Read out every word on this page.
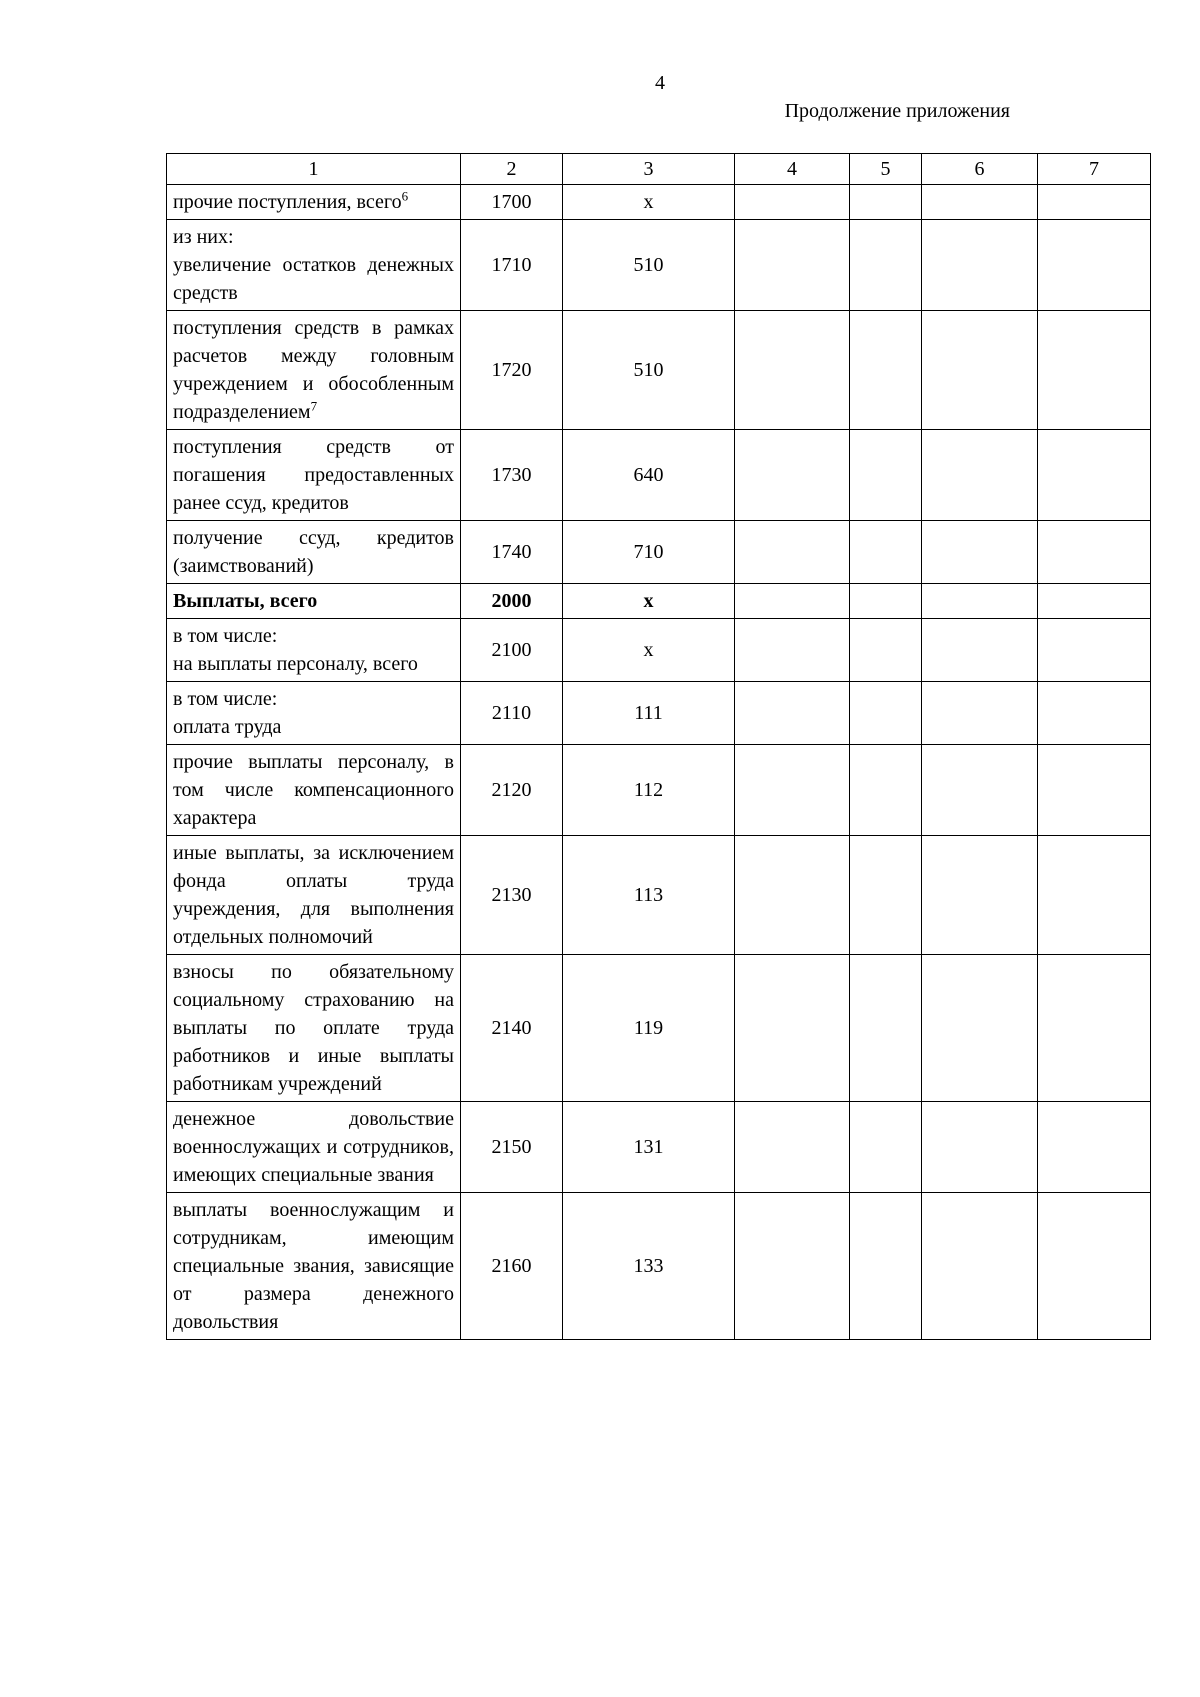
4
Продолжение приложения
1	2	3	4	5	6	7
прочие поступления, всего$^6$	1700	х				
из них:
увеличение остатков денежных средств	1710	510				
поступления средств в рамках расчетов между головным учреждением и обособленным подразделением$^7$	1720	510				
поступления средств от погашения предоставленных ранее ссуд, кредитов	1730	640				
получение ссуд, кредитов (заимствований)	1740	710				
Выплаты, всего	2000	х				
в том числе:
на выплаты персоналу, всего	2100	х				
в том числе:
оплата труда	2110	111				
прочие выплаты персоналу, в том числе компенсационного характера	2120	112				
иные выплаты, за исключением фонда оплаты труда учреждения, для выполнения отдельных полномочий	2130	113				
взносы по обязательному социальному страхованию на выплаты по оплате труда работников и иные выплаты работникам учреждений	2140	119				
денежное довольствие военнослужащих и сотрудников, имеющих специальные звания	2150	131				
выплаты военнослужащим и сотрудникам, имеющим специальные звания, зависящие от размера денежного довольствия	2160	133				
